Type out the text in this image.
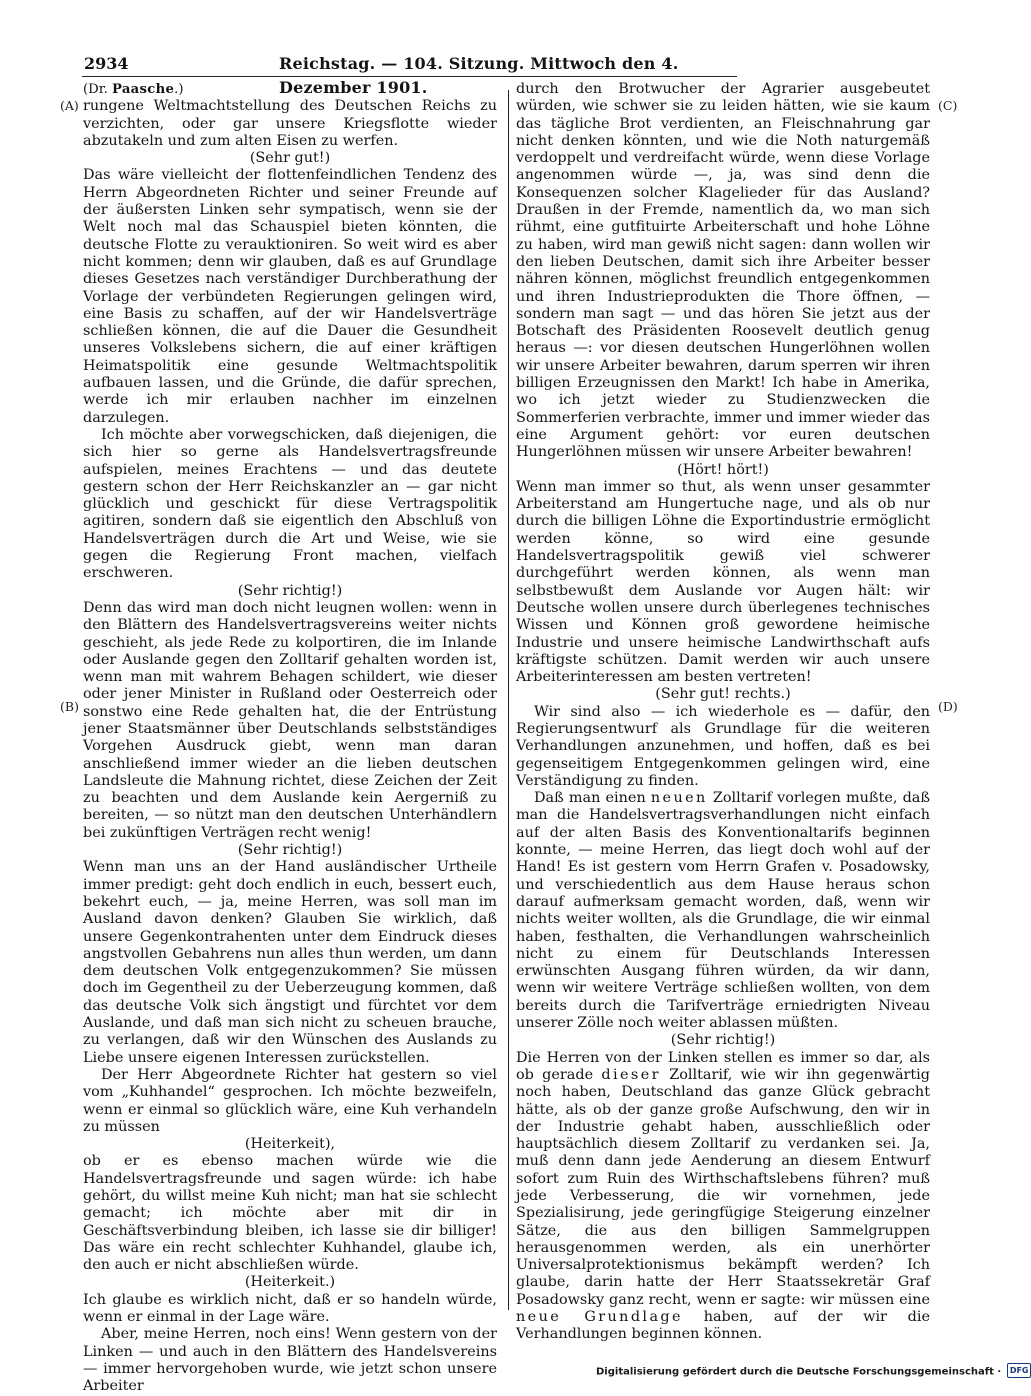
2934	Reichstag. — 104. Sitzung. Mittwoch den 4. Dezember 1901.
(A)
(B)
(C)
(D)

(Dr. Paasche.)

rungene Weltmachtstellung des Deutschen Reichs zu verzichten, oder gar unsere Kriegsflotte wieder abzutakeln und zum alten Eisen zu werfen.

(Sehr gut!)

Das wäre vielleicht der flottenfeindlichen Tendenz des Herrn Abgeordneten Richter und seiner Freunde auf der äußersten Linken sehr sympatisch, wenn sie der Welt noch mal das Schauspiel bieten könnten, die deutsche Flotte zu verauktioniren. So weit wird es aber nicht kommen; denn wir glauben, daß es auf Grundlage dieses Gesetzes nach verständiger Durchberathung der Vorlage der verbündeten Regierungen gelingen wird, eine Basis zu schaffen, auf der wir Handelsverträge schließen können, die auf die Dauer die Gesundheit unseres Volkslebens sichern, die auf einer kräftigen Heimatspolitik eine gesunde Weltmachtspolitik aufbauen lassen, und die Gründe, die dafür sprechen, werde ich mir erlauben nachher im einzelnen darzulegen.

Ich möchte aber vorwegschicken, daß diejenigen, die sich hier so gerne als Handelsvertragsfreunde aufspielen, meines Erachtens — und das deutete gestern schon der Herr Reichskanzler an — gar nicht glücklich und geschickt für diese Vertragspolitik agitiren, sondern daß sie eigentlich den Abschluß von Handelsverträgen durch die Art und Weise, wie sie gegen die Regierung Front machen, vielfach erschweren.

(Sehr richtig!)

Denn das wird man doch nicht leugnen wollen: wenn in den Blättern des Handelsvertragsvereins weiter nichts geschieht, als jede Rede zu kolportiren, die im Inlande oder Auslande gegen den Zolltarif gehalten worden ist, wenn man mit wahrem Behagen schildert, wie dieser oder jener Minister in Rußland oder Oesterreich oder sonstwo eine Rede gehalten hat, die der Entrüstung jener Staatsmänner über Deutschlands selbstständiges Vorgehen Ausdruck giebt, wenn man daran anschließend immer wieder an die lieben deutschen Landsleute die Mahnung richtet, diese Zeichen der Zeit zu beachten und dem Auslande kein Aergerniß zu bereiten, — so nützt man den deutschen Unterhändlern bei zukünftigen Verträgen recht wenig!

(Sehr richtig!)

Wenn man uns an der Hand ausländischer Urtheile immer predigt: geht doch endlich in euch, bessert euch, bekehrt euch, — ja, meine Herren, was soll man im Ausland davon denken? Glauben Sie wirklich, daß unsere Gegenkontrahenten unter dem Eindruck dieses angstvollen Gebahrens nun alles thun werden, um dann dem deutschen Volk entgegenzukommen? Sie müssen doch im Gegentheil zu der Ueberzeugung kommen, daß das deutsche Volk sich ängstigt und fürchtet vor dem Auslande, und daß man sich nicht zu scheuen brauche, zu verlangen, daß wir den Wünschen des Auslands zu Liebe unsere eigenen Interessen zurückstellen.

Der Herr Abgeordnete Richter hat gestern so viel vom „Kuhhandel“ gesprochen. Ich möchte bezweifeln, wenn er einmal so glücklich wäre, eine Kuh verhandeln zu müssen

(Heiterkeit),

ob er es ebenso machen würde wie die Handelsvertragsfreunde und sagen würde: ich habe gehört, du willst meine Kuh nicht; man hat sie schlecht gemacht; ich möchte aber mit dir in Geschäftsverbindung bleiben, ich lasse sie dir billiger! Das wäre ein recht schlechter Kuhhandel, glaube ich, den auch er nicht abschließen würde.

(Heiterkeit.)

Ich glaube es wirklich nicht, daß er so handeln würde, wenn er einmal in der Lage wäre.

Aber, meine Herren, noch eins! Wenn gestern von der Linken — und auch in den Blättern des Handelsvereins — immer hervorgehoben wurde, wie jetzt schon unsere Arbeiter

durch den Brotwucher der Agrarier ausgebeutet würden, wie schwer sie zu leiden hätten, wie sie kaum das tägliche Brot verdienten, an Fleischnahrung gar nicht denken könnten, und wie die Noth naturgemäß verdoppelt und verdreifacht würde, wenn diese Vorlage angenommen würde —, ja, was sind denn die Konsequenzen solcher Klagelieder für das Ausland? Draußen in der Fremde, namentlich da, wo man sich rühmt, eine gutfituirte Arbeiterschaft und hohe Löhne zu haben, wird man gewiß nicht sagen: dann wollen wir den lieben Deutschen, damit sich ihre Arbeiter besser nähren können, möglichst freundlich entgegenkommen und ihren Industrieprodukten die Thore öffnen, — sondern man sagt — und das hören Sie jetzt aus der Botschaft des Präsidenten Roosevelt deutlich genug heraus —: vor diesen deutschen Hungerlöhnen wollen wir unsere Arbeiter bewahren, darum sperren wir ihren billigen Erzeugnissen den Markt! Ich habe in Amerika, wo ich jetzt wieder zu Studienzwecken die Sommerferien verbrachte, immer und immer wieder das eine Argument gehört: vor euren deutschen Hungerlöhnen müssen wir unsere Arbeiter bewahren!

(Hört! hört!)

Wenn man immer so thut, als wenn unser gesammter Arbeiterstand am Hungertuche nage, und als ob nur durch die billigen Löhne die Exportindustrie ermöglicht werden könne, so wird eine gesunde Handelsvertragspolitik gewiß viel schwerer durchgeführt werden können, als wenn man selbstbewußt dem Auslande vor Augen hält: wir Deutsche wollen unsere durch überlegenes technisches Wissen und Können groß gewordene heimische Industrie und unsere heimische Landwirthschaft aufs kräftigste schützen. Damit werden wir auch unsere Arbeiterinteressen am besten vertreten!

(Sehr gut! rechts.)

Wir sind also — ich wiederhole es — dafür, den Regierungsentwurf als Grundlage für die weiteren Verhandlungen anzunehmen, und hoffen, daß es bei gegenseitigem Entgegenkommen gelingen wird, eine Verständigung zu finden.

Daß man einen neuen Zolltarif vorlegen mußte, daß man die Handelsvertragsverhandlungen nicht einfach auf der alten Basis des Konventionaltarifs beginnen konnte, — meine Herren, das liegt doch wohl auf der Hand! Es ist gestern vom Herrn Grafen v. Posadowsky, und verschiedentlich aus dem Hause heraus schon darauf aufmerksam gemacht worden, daß, wenn wir nichts weiter wollten, als die Grundlage, die wir einmal haben, festhalten, die Verhandlungen wahrscheinlich nicht zu einem für Deutschlands Interessen erwünschten Ausgang führen würden, da wir dann, wenn wir weitere Verträge schließen wollten, von dem bereits durch die Tarifverträge erniedrigten Niveau unserer Zölle noch weiter ablassen müßten.

(Sehr richtig!)

Die Herren von der Linken stellen es immer so dar, als ob gerade dieser Zolltarif, wie wir ihn gegenwärtig noch haben, Deutschland das ganze Glück gebracht hätte, als ob der ganze große Aufschwung, den wir in der Industrie gehabt haben, ausschließlich oder hauptsächlich diesem Zolltarif zu verdanken sei. Ja, muß denn dann jede Aenderung an diesem Entwurf sofort zum Ruin des Wirthschaftslebens führen? muß jede Verbesserung, die wir vornehmen, jede Spezialisirung, jede geringfügige Steigerung einzelner Sätze, die aus den billigen Sammelgruppen herausgenommen werden, als ein unerhörter Universalprotektionismus bekämpft werden? Ich glaube, darin hatte der Herr Staatssekretär Graf Posadowsky ganz recht, wenn er sagte: wir müssen eine neue Grundlage haben, auf der wir die Verhandlungen beginnen können.

Digitalisierung gefördert durch die Deutsche Forschungsgemeinschaft · DFG
